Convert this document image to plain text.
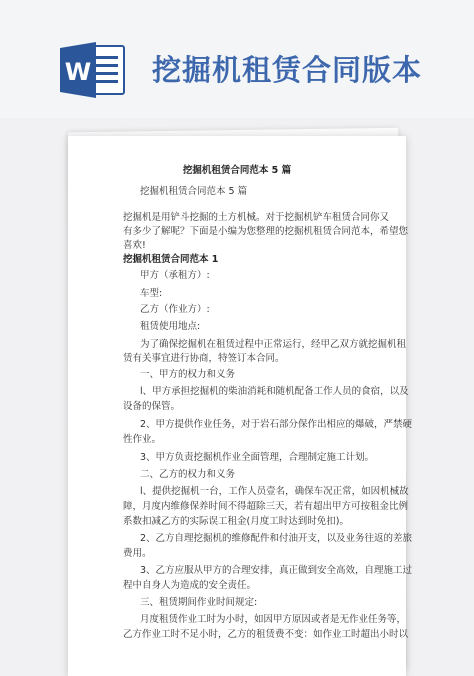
W 挖掘机租赁合同版本
挖掘机租赁合同范本 5 篇
挖掘机租赁合同范本 5 篇
挖掘机是用铲斗挖掘的土方机械。对于挖掘机铲车租赁合同你又
有多少了解呢？下面是小编为您整理的挖掘机租赁合同范本，希望您
喜欢!
挖掘机租赁合同范本 1
甲方（承租方）:
车型:
乙方（作业方）:
租赁使用地点:
为了确保挖掘机在租赁过程中正常运行，经甲乙双方就挖掘机租
赁有关事宜进行协商，特签订本合同。
一、甲方的权力和义务
l、甲方承担挖掘机的柴油消耗和随机配备工作人员的食宿，以及
设备的保管。
2、甲方提供作业任务，对于岩石部分保作出相应的爆破，严禁硬
性作业。
3、甲方负责挖掘机作业全面管理，合理制定施工计划。
二、乙方的权力和义务
l、提供挖掘机一台，工作人员壹名，确保车况正常，如因机械故
障，月度内维修保养时间不得超除三天，若有超出甲方可按租金比例
系数扣减乙方的实际误工租金(月度工时达到时免扣)。
2、乙方自理挖掘机的维修配件和付油开支，以及业务往返的差旅
费用。
3、乙方应服从甲方的合理安排，真正做到安全高效，自理施工过
程中自身人为造成的安全责任。
三、租赁期间作业时间规定:
月度租赁作业工时为小时，如因甲方原因或者是无作业任务等，
乙方作业工时不足小时，乙方的租赁费不变：如作业工时超出小时以
